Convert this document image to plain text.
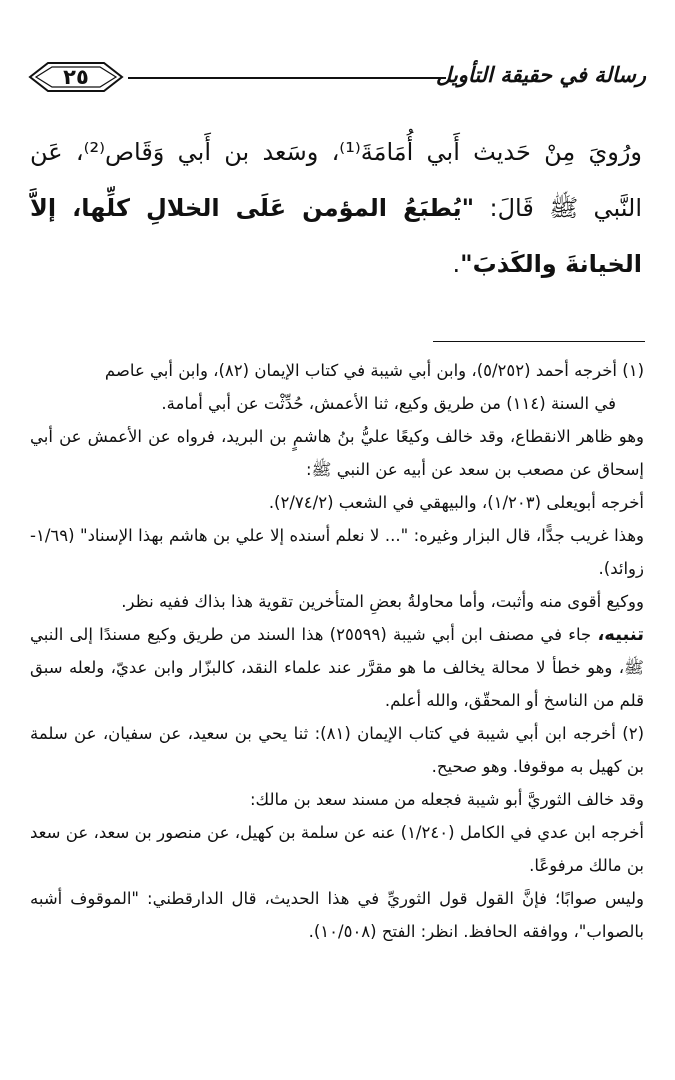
رسالة في حقيقة التأويل
٢٥
ورُويَ مِنْ حَديث أَبي أُمَامَةَ⁽¹⁾، وسَعد بن أَبي وَقَاص⁽²⁾، عَن النَّبي ﷺ قَالَ: "يُطبَعُ المؤمن عَلَى الخلالِ كلِّها، إلاَّ الخيانةَ والكَذبَ".

(١) أخرجه أحمد (٥/٢٥٢)، وابن أبي شيبة في كتاب الإيمان (٨٢)، وابن أبي عاصم

في السنة (١١٤) من طريق وكيع، ثنا الأعمش، حُدِّثْت عن أبي أمامة.

وهو ظاهر الانقطاع، وقد خالف وكيعًا عليُّ بنُ هاشمٍ بن البريد، فرواه عن الأعمش عن أبي إسحاق عن مصعب بن سعد عن أبيه عن النبي ﷺ:

أخرجه أبويعلى (١/٢٠٣)، والبيهقي في الشعب (٢/٧٤/٢).

وهذا غريب جدًّا، قال البزار وغيره: "... لا نعلم أسنده إلا علي بن هاشم بهذا الإسناد" (١/٦٩- زوائد).

ووكيع أقوى منه وأثبت، وأما محاولةُ بعضِ المتأخرين تقوية هذا بذاك ففيه نظر.

تنبيه، جاء في مصنف ابن أبي شيبة (٢٥٥٩٩) هذا السند من طريق وكيع مسندًا إلى النبي ﷺ، وهو خطأ لا محالة يخالف ما هو مقرَّر عند علماء النقد، كالبزّار وابن عديّ، ولعله سبق قلم من الناسخ أو المحقّق، والله أعلم.

(٢) أخرجه ابن أبي شيبة في كتاب الإيمان (٨١): ثنا يحي بن سعيد، عن سفيان، عن سلمة بن كهيل به موقوفا. وهو صحيح.

وقد خالف الثوريَّ أبو شيبة فجعله من مسند سعد بن مالك:

أخرجه ابن عدي في الكامل (١/٢٤٠) عنه عن سلمة بن كهيل، عن منصور بن سعد، عن سعد بن مالك مرفوعًا.

وليس صوابًا؛ فإنَّ القول قول الثوريِّ في هذا الحديث، قال الدارقطني: "الموقوف أشبه بالصواب"، ووافقه الحافظ. انظر: الفتح (١٠/٥٠٨).
